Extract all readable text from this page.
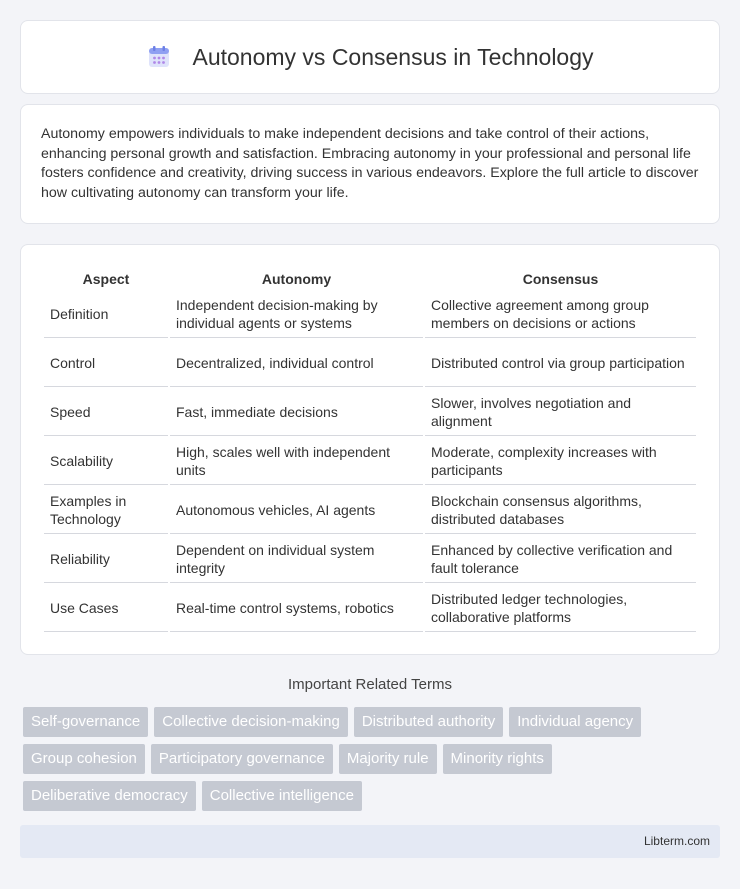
Autonomy vs Consensus in Technology

Autonomy empowers individuals to make independent decisions and take control of their actions, enhancing personal growth and satisfaction. Embracing autonomy in your professional and personal life fosters confidence and creativity, driving success in various endeavors. Explore the full article to discover how cultivating autonomy can transform your life.

Aspect	Autonomy	Consensus
Definition	Independent decision-making by individual agents or systems	Collective agreement among group members on decisions or actions
Control	Decentralized, individual control	Distributed control via group participation
Speed	Fast, immediate decisions	Slower, involves negotiation and alignment
Scalability	High, scales well with independent units	Moderate, complexity increases with participants
Examples in Technology	Autonomous vehicles, AI agents	Blockchain consensus algorithms, distributed databases
Reliability	Dependent on individual system integrity	Enhanced by collective verification and fault tolerance
Use Cases	Real-time control systems, robotics	Distributed ledger technologies, collaborative platforms
Important Related Terms
Self-governance	Collective decision-making	Distributed authority	Individual agency
Group cohesion	Participatory governance	Majority rule	Minority rights
Deliberative democracy	Collective intelligence
Libterm.com
